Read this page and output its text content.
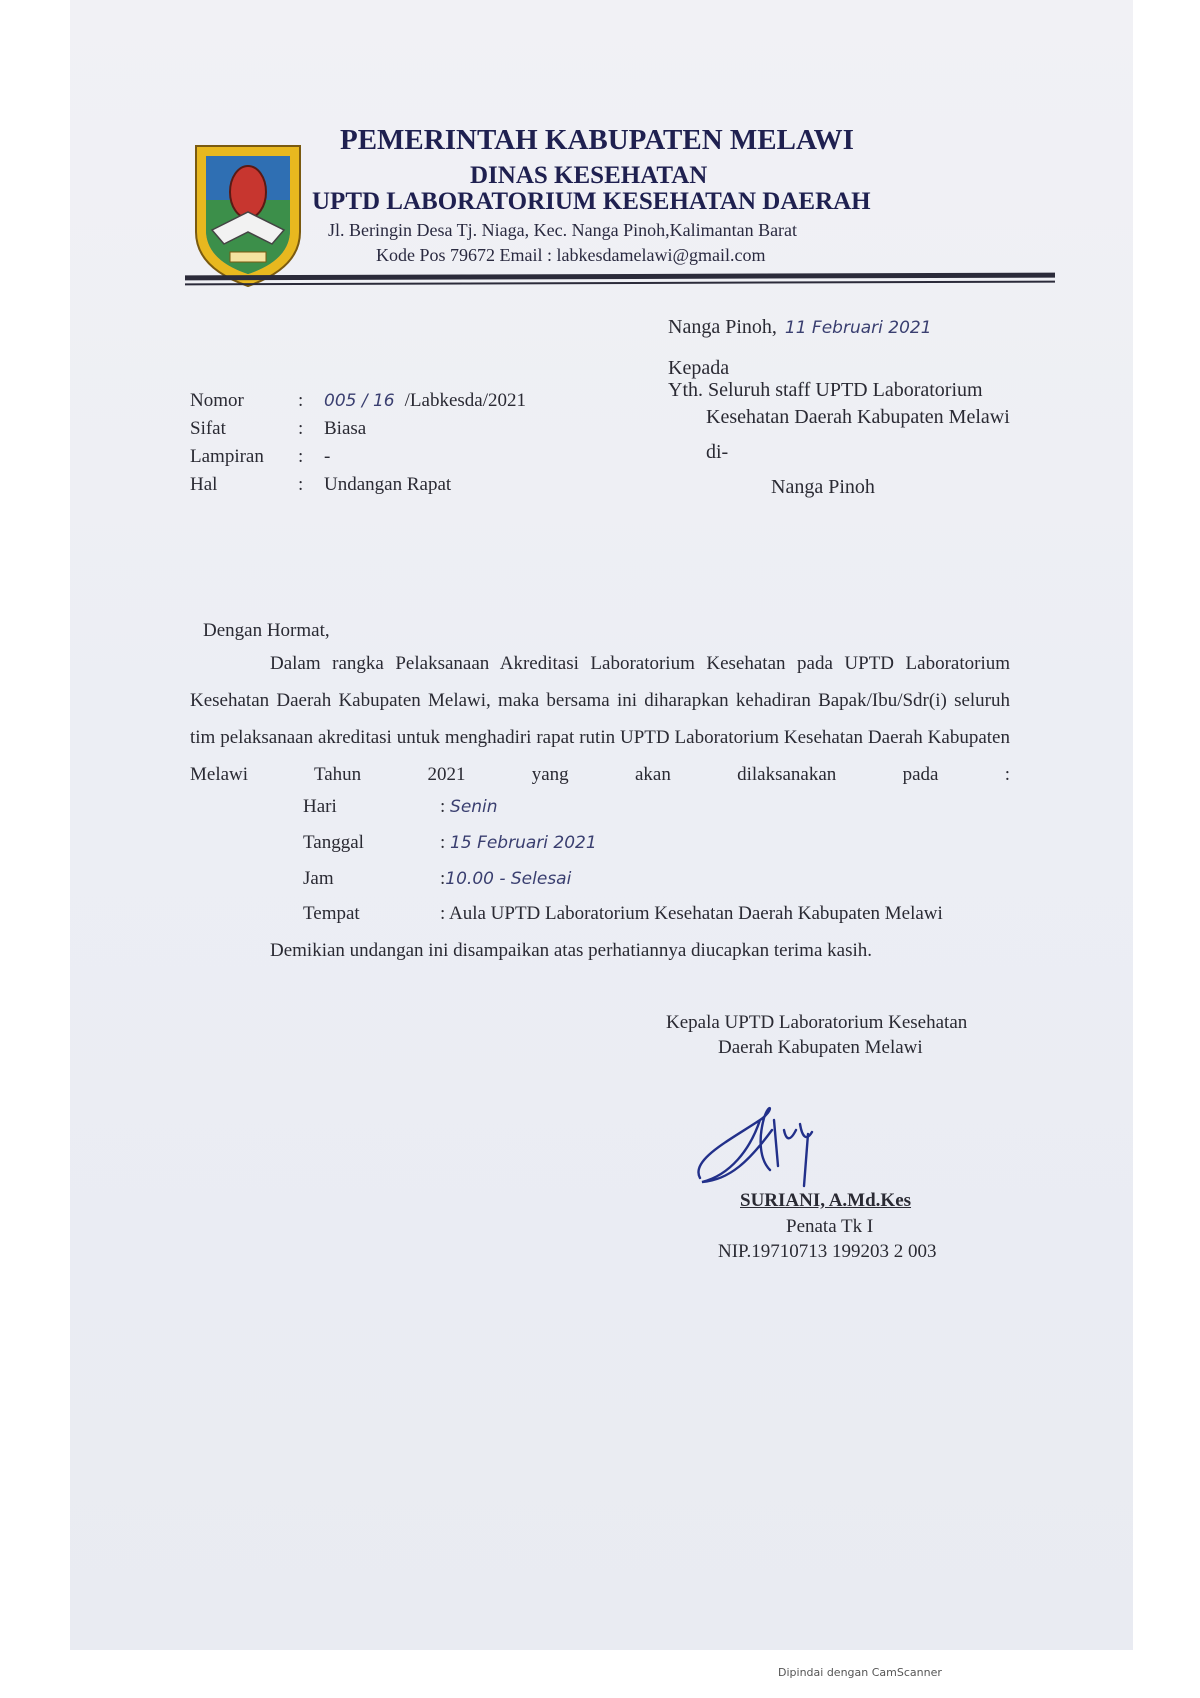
PEMERINTAH KABUPATEN MELAWI
DINAS KESEHATAN
UPTD LABORATORIUM KESEHATAN DAERAH
Jl. Beringin Desa Tj. Niaga, Kec. Nanga Pinoh,Kalimantan Barat
Kode Pos 79672 Email : labkesdamelawi@gmail.com
Nanga Pinoh, 11 Februari 2021
Kepada
Yth. Seluruh staff UPTD Laboratorium
Kesehatan Daerah Kabupaten Melawi
di-
Nanga Pinoh
Nomor	: 005 / 16 /Labkesda/2021
Sifat	: Biasa
Lampiran : -
Hal	: Undangan Rapat
Dengan Hormat,
Dalam rangka Pelaksanaan Akreditasi Laboratorium Kesehatan pada UPTD Laboratorium Kesehatan Daerah Kabupaten Melawi, maka bersama ini diharapkan kehadiran Bapak/Ibu/Sdr(i) seluruh tim pelaksanaan akreditasi untuk menghadiri rapat rutin UPTD Laboratorium Kesehatan Daerah Kabupaten Melawi Tahun 2021 yang akan dilaksanakan pada :
Hari	: Senin
Tanggal	: 15 Februari 2021
Jam	:10.00 - Selesai
Tempat	: Aula UPTD Laboratorium Kesehatan Daerah Kabupaten Melawi
Demikian undangan ini disampaikan atas perhatiannya diucapkan terima kasih.
Kepala UPTD Laboratorium Kesehatan
Daerah Kabupaten Melawi
SURIANI, A.Md.Kes
Penata Tk I
NIP.19710713 199203 2 003
Dipindai dengan CamScanner
